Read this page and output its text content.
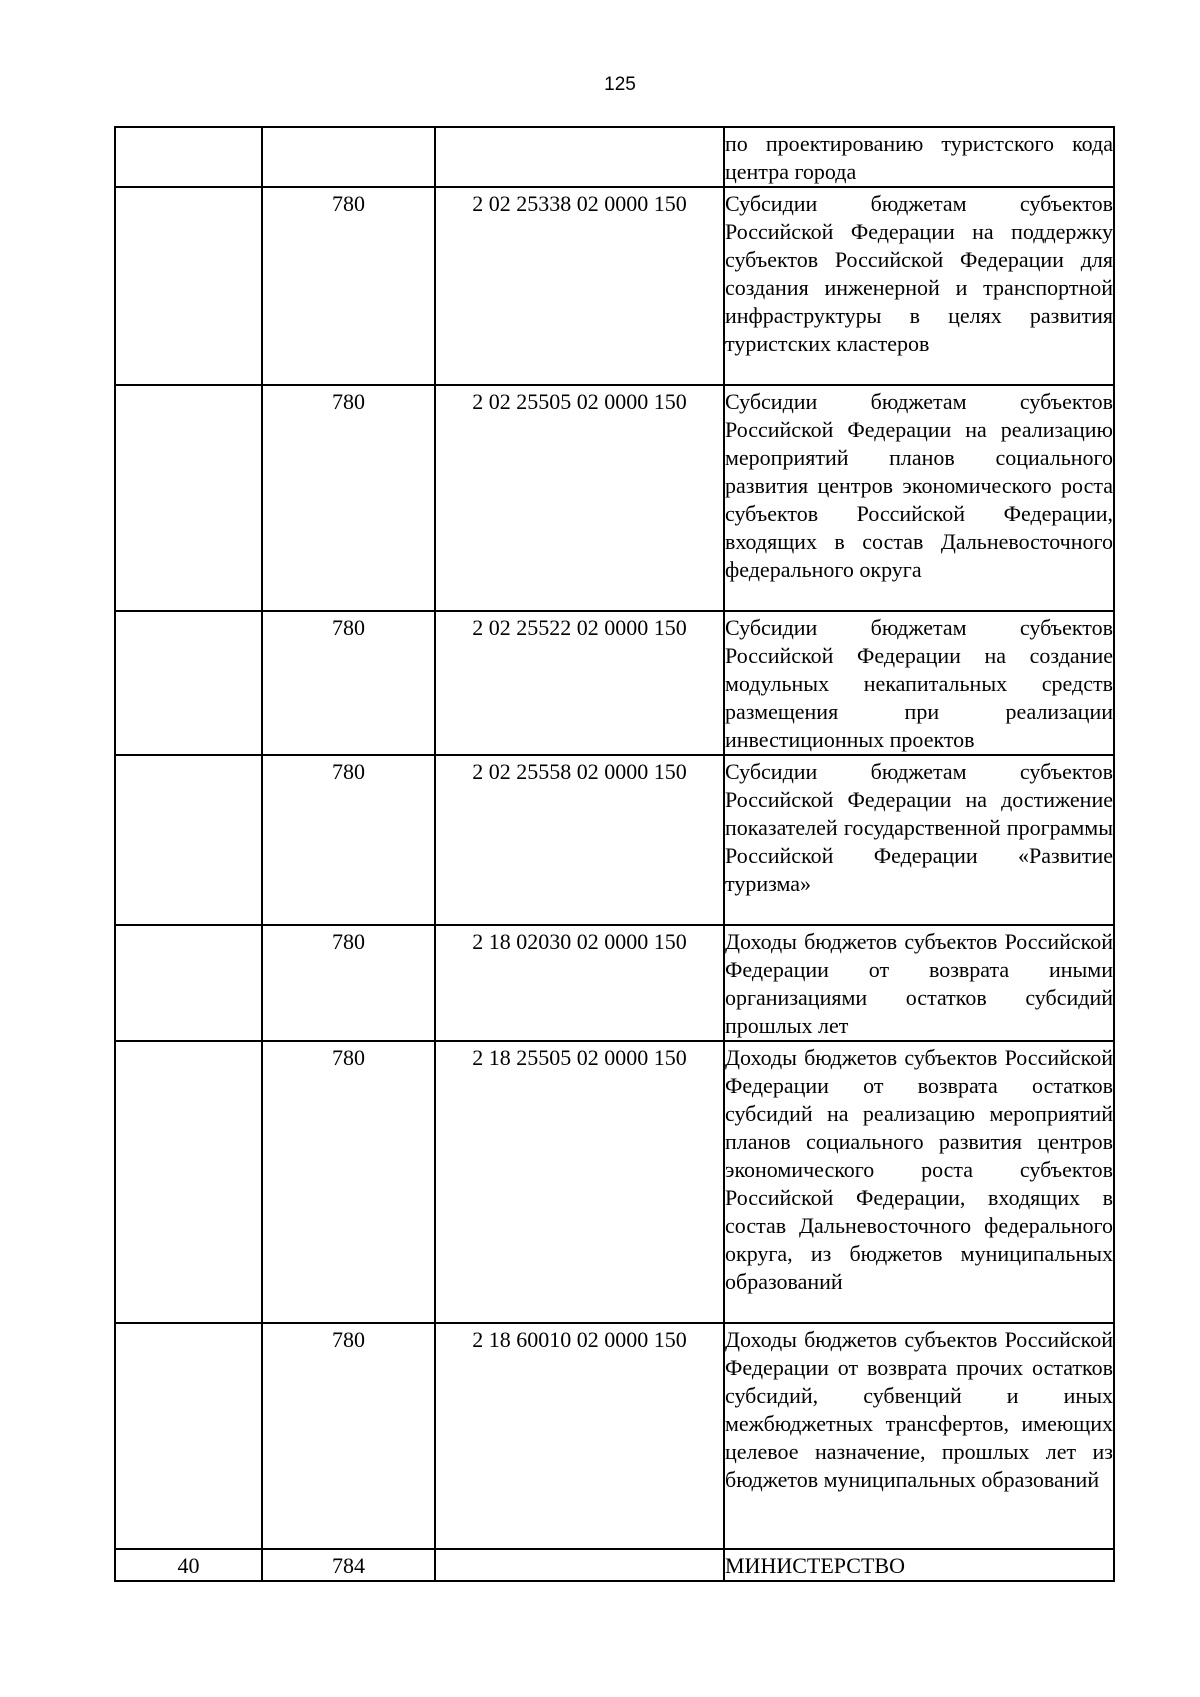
125

			по проектированию туристского кода центра города

	780	2 02 25338 02 0000 150	Субсидии бюджетам субъектов Российской Федерации на поддержку субъектов Российской Федерации для создания инженерной и транспортной инфраструктуры в целях развития туристских кластеров

	780	2 02 25505 02 0000 150	Субсидии бюджетам субъектов Российской Федерации на реализацию мероприятий планов социального развития центров экономического роста субъектов Российской Федерации, входящих в состав Дальневосточного федерального округа

	780	2 02 25522 02 0000 150	Субсидии бюджетам субъектов Российской Федерации на создание модульных некапитальных средств размещения при реализации инвестиционных проектов

	780	2 02 25558 02 0000 150	Субсидии бюджетам субъектов Российской Федерации на достижение показателей государственной программы Российской Федерации «Развитие туризма»

	780	2 18 02030 02 0000 150	Доходы бюджетов субъектов Российской Федерации от возврата иными организациями остатков субсидий прошлых лет

	780	2 18 25505 02 0000 150	Доходы бюджетов субъектов Российской Федерации от возврата остатков субсидий на реализацию мероприятий планов социального развития центров экономического роста субъектов Российской Федерации, входящих в состав Дальневосточного федерального округа, из бюджетов муниципальных образований

	780	2 18 60010 02 0000 150	Доходы бюджетов субъектов Российской Федерации от возврата прочих остатков субсидий, субвенций и иных межбюджетных трансфертов, имеющих целевое назначение, прошлых лет из бюджетов муниципальных образований

40	784		МИНИСТЕРСТВО
